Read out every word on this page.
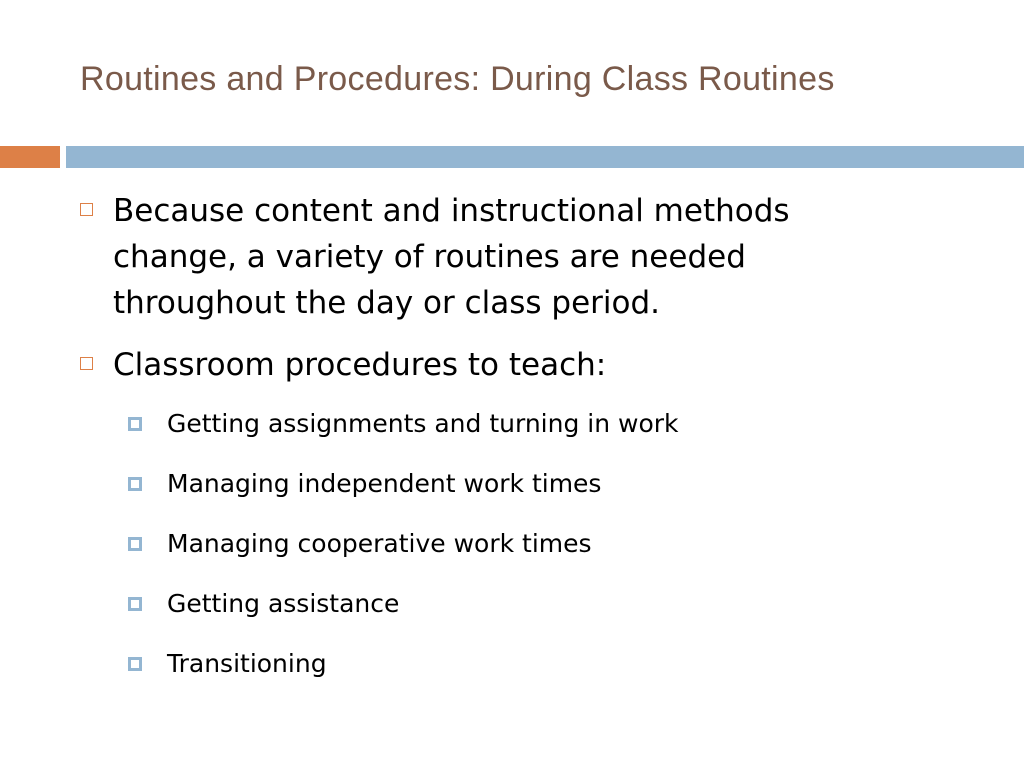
Routines and Procedures: During Class Routines
Because content and instructional methods change, a variety of routines are needed throughout the day or class period.
Classroom procedures to teach:
Getting assignments and turning in work
Managing independent work times
Managing cooperative work times
Getting assistance
Transitioning
